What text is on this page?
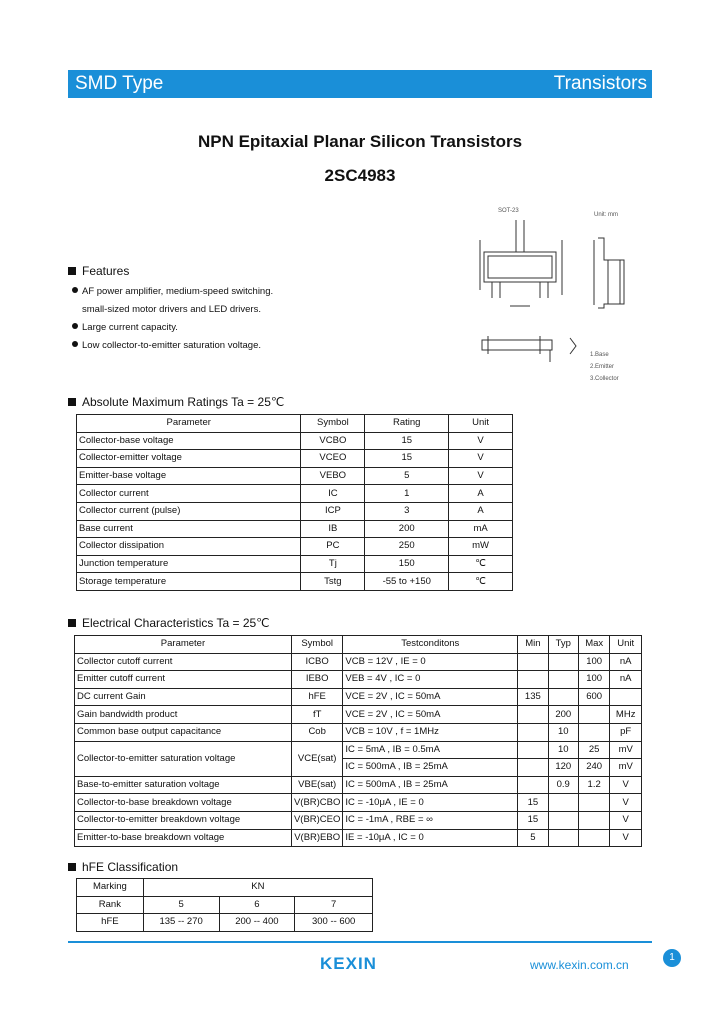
SMD Type	Transistors
NPN Epitaxial Planar Silicon Transistors
2SC4983
SOT-23
Unit: mm
1.Base
2.Emitter
3.Collector
Features
AF power amplifier, medium-speed switching.
small-sized motor drivers and LED drivers.
Large current capacity.
Low collector-to-emitter saturation voltage.
Absolute Maximum Ratings Ta = 25℃
Parameter	Symbol	Rating	Unit
Collector-base voltage	VCBO	15	V
Collector-emitter voltage	VCEO	15	V
Emitter-base voltage	VEBO	5	V
Collector current	IC	1	A
Collector current (pulse)	ICP	3	A
Base current	IB	200	mA
Collector dissipation	PC	250	mW
Junction temperature	Tj	150	℃
Storage temperature	Tstg	-55 to +150	℃
Electrical Characteristics Ta = 25℃
Parameter	Symbol	Testconditons	Min	Typ	Max	Unit
Collector cutoff current	ICBO	VCB = 12V , IE = 0			100	nA
Emitter cutoff current	IEBO	VEB = 4V , IC = 0			100	nA
DC current Gain	hFE	VCE = 2V , IC = 50mA	135		600	
Gain bandwidth product	fT	VCE = 2V , IC = 50mA		200		MHz
Common base output capacitance	Cob	VCB = 10V , f = 1MHz		10		pF
Collector-to-emitter saturation voltage	VCE(sat)	IC = 5mA , IB = 0.5mA		10	25	mV
		IC = 500mA , IB = 25mA		120	240	mV
Base-to-emitter saturation voltage	VBE(sat)	IC = 500mA , IB = 25mA		0.9	1.2	V
Collector-to-base breakdown voltage	V(BR)CBO	IC = -10μA , IE = 0	15			V
Collector-to-emitter breakdown voltage	V(BR)CEO	IC = -1mA , RBE = ∞	15			V
Emitter-to-base breakdown voltage	V(BR)EBO	IE = -10μA , IC = 0	5			V
hFE Classification
Marking	KN		
Rank	5	6	7
hFE	135 -- 270	200 -- 400	300 -- 600
KEXIN	www.kexin.com.cn
1
